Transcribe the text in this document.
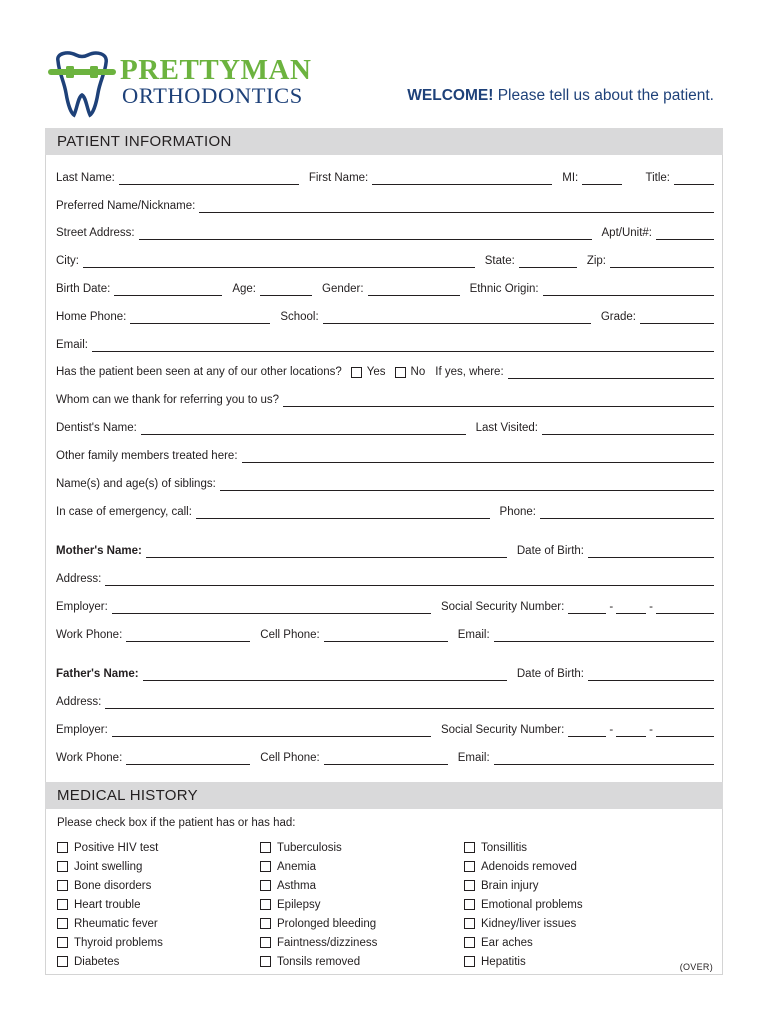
PRETTYMAN
ORTHODONTICS	WELCOME! Please tell us about the patient.
PATIENT INFORMATION
Last Name:	First Name:	MI:	Title:
Preferred Name/Nickname:
Street Address:	Apt/Unit#:
City:	State:	Zip:
Birth Date:	Age:	Gender:	Ethnic Origin:
Home Phone:	School:	Grade:
Email:
Has the patient been seen at any of our other locations? Yes No If yes, where:
Whom can we thank for referring you to us?
Dentist's Name:	Last Visited:
Other family members treated here:
Name(s) and age(s) of siblings:
In case of emergency, call:	Phone:
Mother's Name:	Date of Birth:
Address:
Employer:	Social Security Number:	-	-
Work Phone:	Cell Phone:	Email:
Father's Name:	Date of Birth:
Address:
Employer:	Social Security Number:	-	-
Work Phone:	Cell Phone:	Email:
MEDICAL HISTORY
Please check box if the patient has or has had:
Positive HIV test
Joint swelling
Bone disorders
Heart trouble
Rheumatic fever
Thyroid problems
Diabetes
Tuberculosis
Anemia
Asthma
Epilepsy
Prolonged bleeding
Faintness/dizziness
Tonsils removed
Tonsillitis
Adenoids removed
Brain injury
Emotional problems
Kidney/liver issues
Ear aches
Hepatitis	(OVER)
